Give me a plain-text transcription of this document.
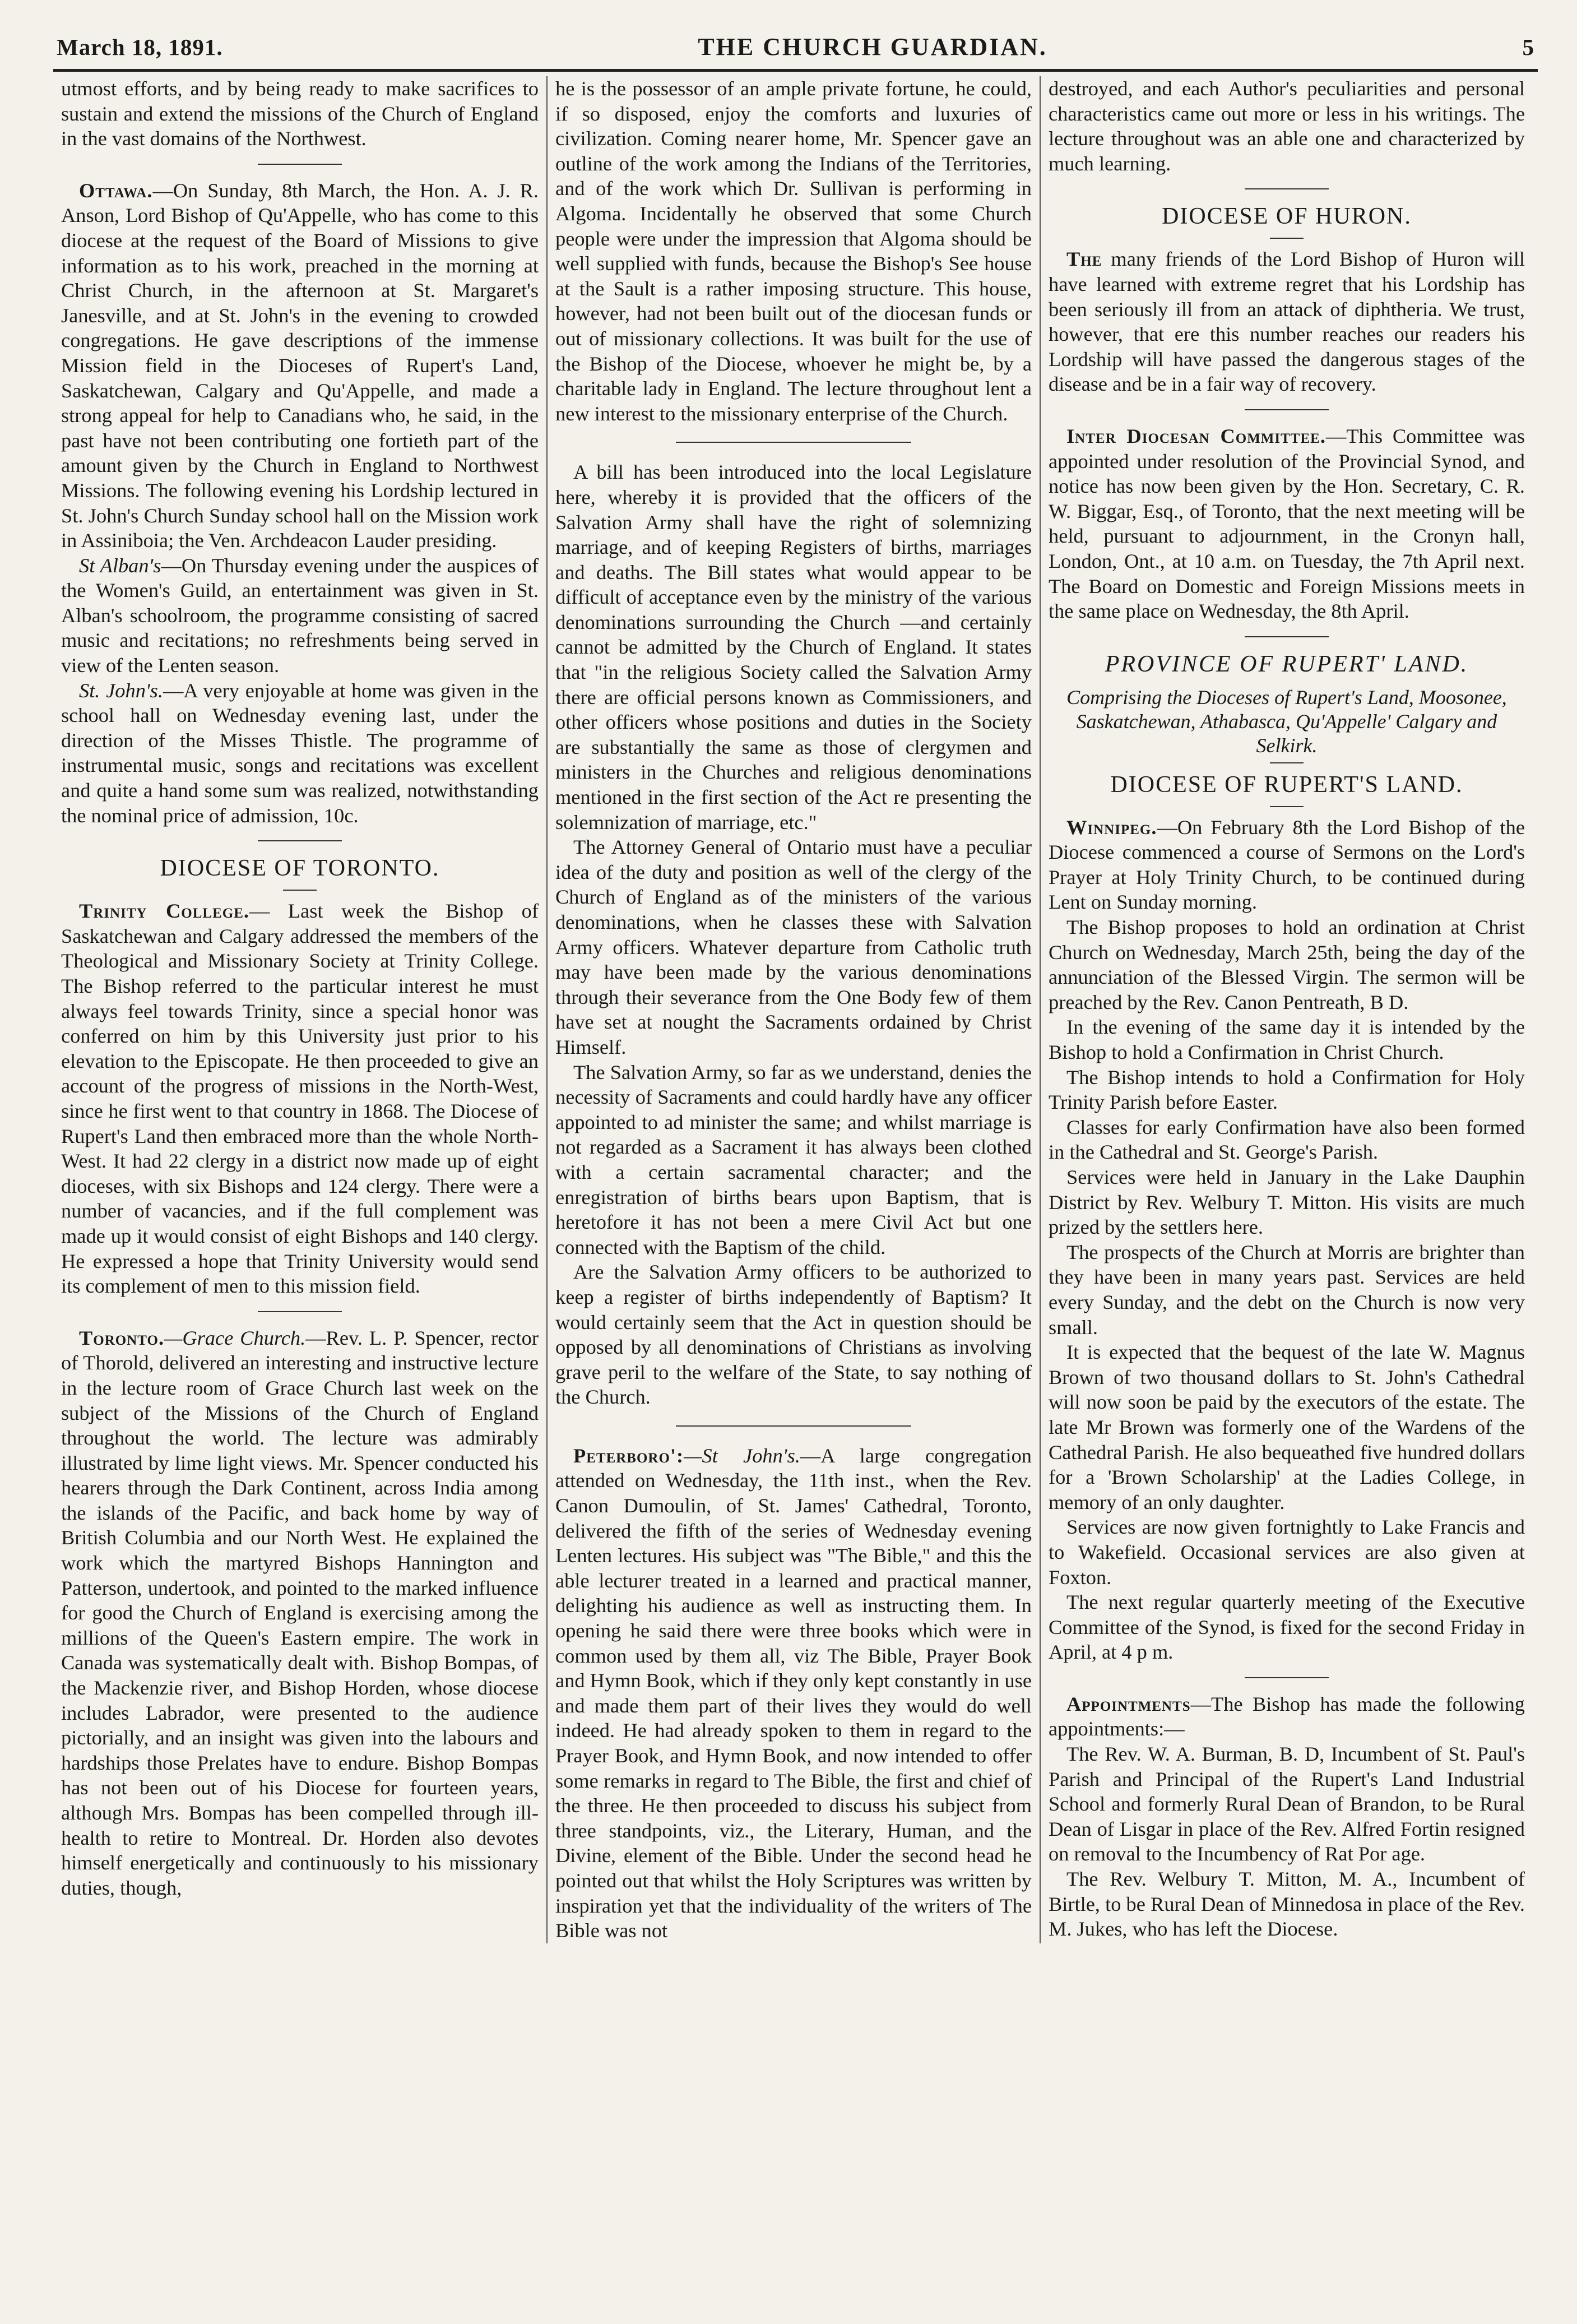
March 18, 1891.	THE CHURCH GUARDIAN.	5

utmost efforts, and by being ready to make sacrifices to sustain and extend the missions of the Church of England in the vast domains of the Northwest.

Ottawa.—On Sunday, 8th March, the Hon. A. J. R. Anson, Lord Bishop of Qu'Appelle, who has come to this diocese at the request of the Board of Missions to give information as to his work, preached in the morning at Christ Church, in the afternoon at St. Margaret's Janesville, and at St. John's in the evening to crowded congregations. He gave descriptions of the immense Mission field in the Dioceses of Rupert's Land, Saskatchewan, Calgary and Qu'Appelle, and made a strong appeal for help to Canadians who, he said, in the past have not been contributing one fortieth part of the amount given by the Church in England to Northwest Missions. The following evening his Lordship lectured in St. John's Church Sunday school hall on the Mission work in Assiniboia; the Ven. Archdeacon Lauder presiding.

St Alban's—On Thursday evening under the auspices of the Women's Guild, an entertainment was given in St. Alban's schoolroom, the programme consisting of sacred music and recitations; no refreshments being served in view of the Lenten season.

St. John's.—A very enjoyable at home was given in the school hall on Wednesday evening last, under the direction of the Misses Thistle. The programme of instrumental music, songs and recitations was excellent and quite a hand some sum was realized, notwithstanding the nominal price of admission, 10c.

DIOCESE OF TORONTO.

Trinity College.— Last week the Bishop of Saskatchewan and Calgary addressed the members of the Theological and Missionary Society at Trinity College. The Bishop referred to the particular interest he must always feel towards Trinity, since a special honor was conferred on him by this University just prior to his elevation to the Episcopate. He then proceeded to give an account of the progress of missions in the North-West, since he first went to that country in 1868. The Diocese of Rupert's Land then embraced more than the whole North-West. It had 22 clergy in a district now made up of eight dioceses, with six Bishops and 124 clergy. There were a number of vacancies, and if the full complement was made up it would consist of eight Bishops and 140 clergy. He expressed a hope that Trinity University would send its complement of men to this mission field.

Toronto.—Grace Church.—Rev. L. P. Spencer, rector of Thorold, delivered an interesting and instructive lecture in the lecture room of Grace Church last week on the subject of the Missions of the Church of England throughout the world. The lecture was admirably illustrated by lime light views. Mr. Spencer conducted his hearers through the Dark Continent, across India among the islands of the Pacific, and back home by way of British Columbia and our North West. He explained the work which the martyred Bishops Hannington and Patterson, undertook, and pointed to the marked influence for good the Church of England is exercising among the millions of the Queen's Eastern empire. The work in Canada was systematically dealt with. Bishop Bompas, of the Mackenzie river, and Bishop Horden, whose diocese includes Labrador, were presented to the audience pictorially, and an insight was given into the labours and hardships those Prelates have to endure. Bishop Bompas has not been out of his Diocese for fourteen years, although Mrs. Bompas has been compelled through ill-health to retire to Montreal. Dr. Horden also devotes himself energetically and continuously to his missionary duties, though,

he is the possessor of an ample private fortune, he could, if so disposed, enjoy the comforts and luxuries of civilization. Coming nearer home, Mr. Spencer gave an outline of the work among the Indians of the Territories, and of the work which Dr. Sullivan is performing in Algoma. Incidentally he observed that some Church people were under the impression that Algoma should be well supplied with funds, because the Bishop's See house at the Sault is a rather imposing structure. This house, however, had not been built out of the diocesan funds or out of missionary collections. It was built for the use of the Bishop of the Diocese, whoever he might be, by a charitable lady in England. The lecture throughout lent a new interest to the missionary enterprise of the Church.

A bill has been introduced into the local Legislature here, whereby it is provided that the officers of the Salvation Army shall have the right of solemnizing marriage, and of keeping Registers of births, marriages and deaths. The Bill states what would appear to be difficult of acceptance even by the ministry of the various denominations surrounding the Church —and certainly cannot be admitted by the Church of England. It states that "in the religious Society called the Salvation Army there are official persons known as Commissioners, and other officers whose positions and duties in the Society are substantially the same as those of clergymen and ministers in the Churches and religious denominations mentioned in the first section of the Act re presenting the solemnization of marriage, etc."

The Attorney General of Ontario must have a peculiar idea of the duty and position as well of the clergy of the Church of England as of the ministers of the various denominations, when he classes these with Salvation Army officers. Whatever departure from Catholic truth may have been made by the various denominations through their severance from the One Body few of them have set at nought the Sacraments ordained by Christ Himself.

The Salvation Army, so far as we understand, denies the necessity of Sacraments and could hardly have any officer appointed to ad minister the same; and whilst marriage is not regarded as a Sacrament it has always been clothed with a certain sacramental character; and the enregistration of births bears upon Baptism, that is heretofore it has not been a mere Civil Act but one connected with the Baptism of the child.

Are the Salvation Army officers to be authorized to keep a register of births independently of Baptism? It would certainly seem that the Act in question should be opposed by all denominations of Christians as involving grave peril to the welfare of the State, to say nothing of the Church.

Peterboro':—St John's.—A large congregation attended on Wednesday, the 11th inst., when the Rev. Canon Dumoulin, of St. James' Cathedral, Toronto, delivered the fifth of the series of Wednesday evening Lenten lectures. His subject was "The Bible," and this the able lecturer treated in a learned and practical manner, delighting his audience as well as instructing them. In opening he said there were three books which were in common used by them all, viz The Bible, Prayer Book and Hymn Book, which if they only kept constantly in use and made them part of their lives they would do well indeed. He had already spoken to them in regard to the Prayer Book, and Hymn Book, and now intended to offer some remarks in regard to The Bible, the first and chief of the three. He then proceeded to discuss his subject from three standpoints, viz., the Literary, Human, and the Divine, element of the Bible. Under the second head he pointed out that whilst the Holy Scriptures was written by inspiration yet that the individuality of the writers of The Bible was not

destroyed, and each Author's peculiarities and personal characteristics came out more or less in his writings. The lecture throughout was an able one and characterized by much learning.

DIOCESE OF HURON.

The many friends of the Lord Bishop of Huron will have learned with extreme regret that his Lordship has been seriously ill from an attack of diphtheria. We trust, however, that ere this number reaches our readers his Lordship will have passed the dangerous stages of the disease and be in a fair way of recovery.

Inter Diocesan Committee.—This Committee was appointed under resolution of the Provincial Synod, and notice has now been given by the Hon. Secretary, C. R. W. Biggar, Esq., of Toronto, that the next meeting will be held, pursuant to adjournment, in the Cronyn hall, London, Ont., at 10 a.m. on Tuesday, the 7th April next. The Board on Domestic and Foreign Missions meets in the same place on Wednesday, the 8th April.

PROVINCE OF RUPERT' LAND.
Comprising the Dioceses of Rupert's Land, Moosonee, Saskatchewan, Athabasca, Qu'Appelle' Calgary and Selkirk.
DIOCESE OF RUPERT'S LAND.

Winnipeg.—On February 8th the Lord Bishop of the Diocese commenced a course of Sermons on the Lord's Prayer at Holy Trinity Church, to be continued during Lent on Sunday morning.

The Bishop proposes to hold an ordination at Christ Church on Wednesday, March 25th, being the day of the annunciation of the Blessed Virgin. The sermon will be preached by the Rev. Canon Pentreath, B D.

In the evening of the same day it is intended by the Bishop to hold a Confirmation in Christ Church.

The Bishop intends to hold a Confirmation for Holy Trinity Parish before Easter.

Classes for early Confirmation have also been formed in the Cathedral and St. George's Parish.

Services were held in January in the Lake Dauphin District by Rev. Welbury T. Mitton. His visits are much prized by the settlers here.

The prospects of the Church at Morris are brighter than they have been in many years past. Services are held every Sunday, and the debt on the Church is now very small.

It is expected that the bequest of the late W. Magnus Brown of two thousand dollars to St. John's Cathedral will now soon be paid by the executors of the estate. The late Mr Brown was formerly one of the Wardens of the Cathedral Parish. He also bequeathed five hundred dollars for a 'Brown Scholarship' at the Ladies College, in memory of an only daughter.

Services are now given fortnightly to Lake Francis and to Wakefield. Occasional services are also given at Foxton.

The next regular quarterly meeting of the Executive Committee of the Synod, is fixed for the second Friday in April, at 4 p m.

Appointments—The Bishop has made the following appointments:—

The Rev. W. A. Burman, B. D, Incumbent of St. Paul's Parish and Principal of the Rupert's Land Industrial School and formerly Rural Dean of Brandon, to be Rural Dean of Lisgar in place of the Rev. Alfred Fortin resigned on removal to the Incumbency of Rat Por age.

The Rev. Welbury T. Mitton, M. A., Incumbent of Birtle, to be Rural Dean of Minnedosa in place of the Rev. M. Jukes, who has left the Diocese.
